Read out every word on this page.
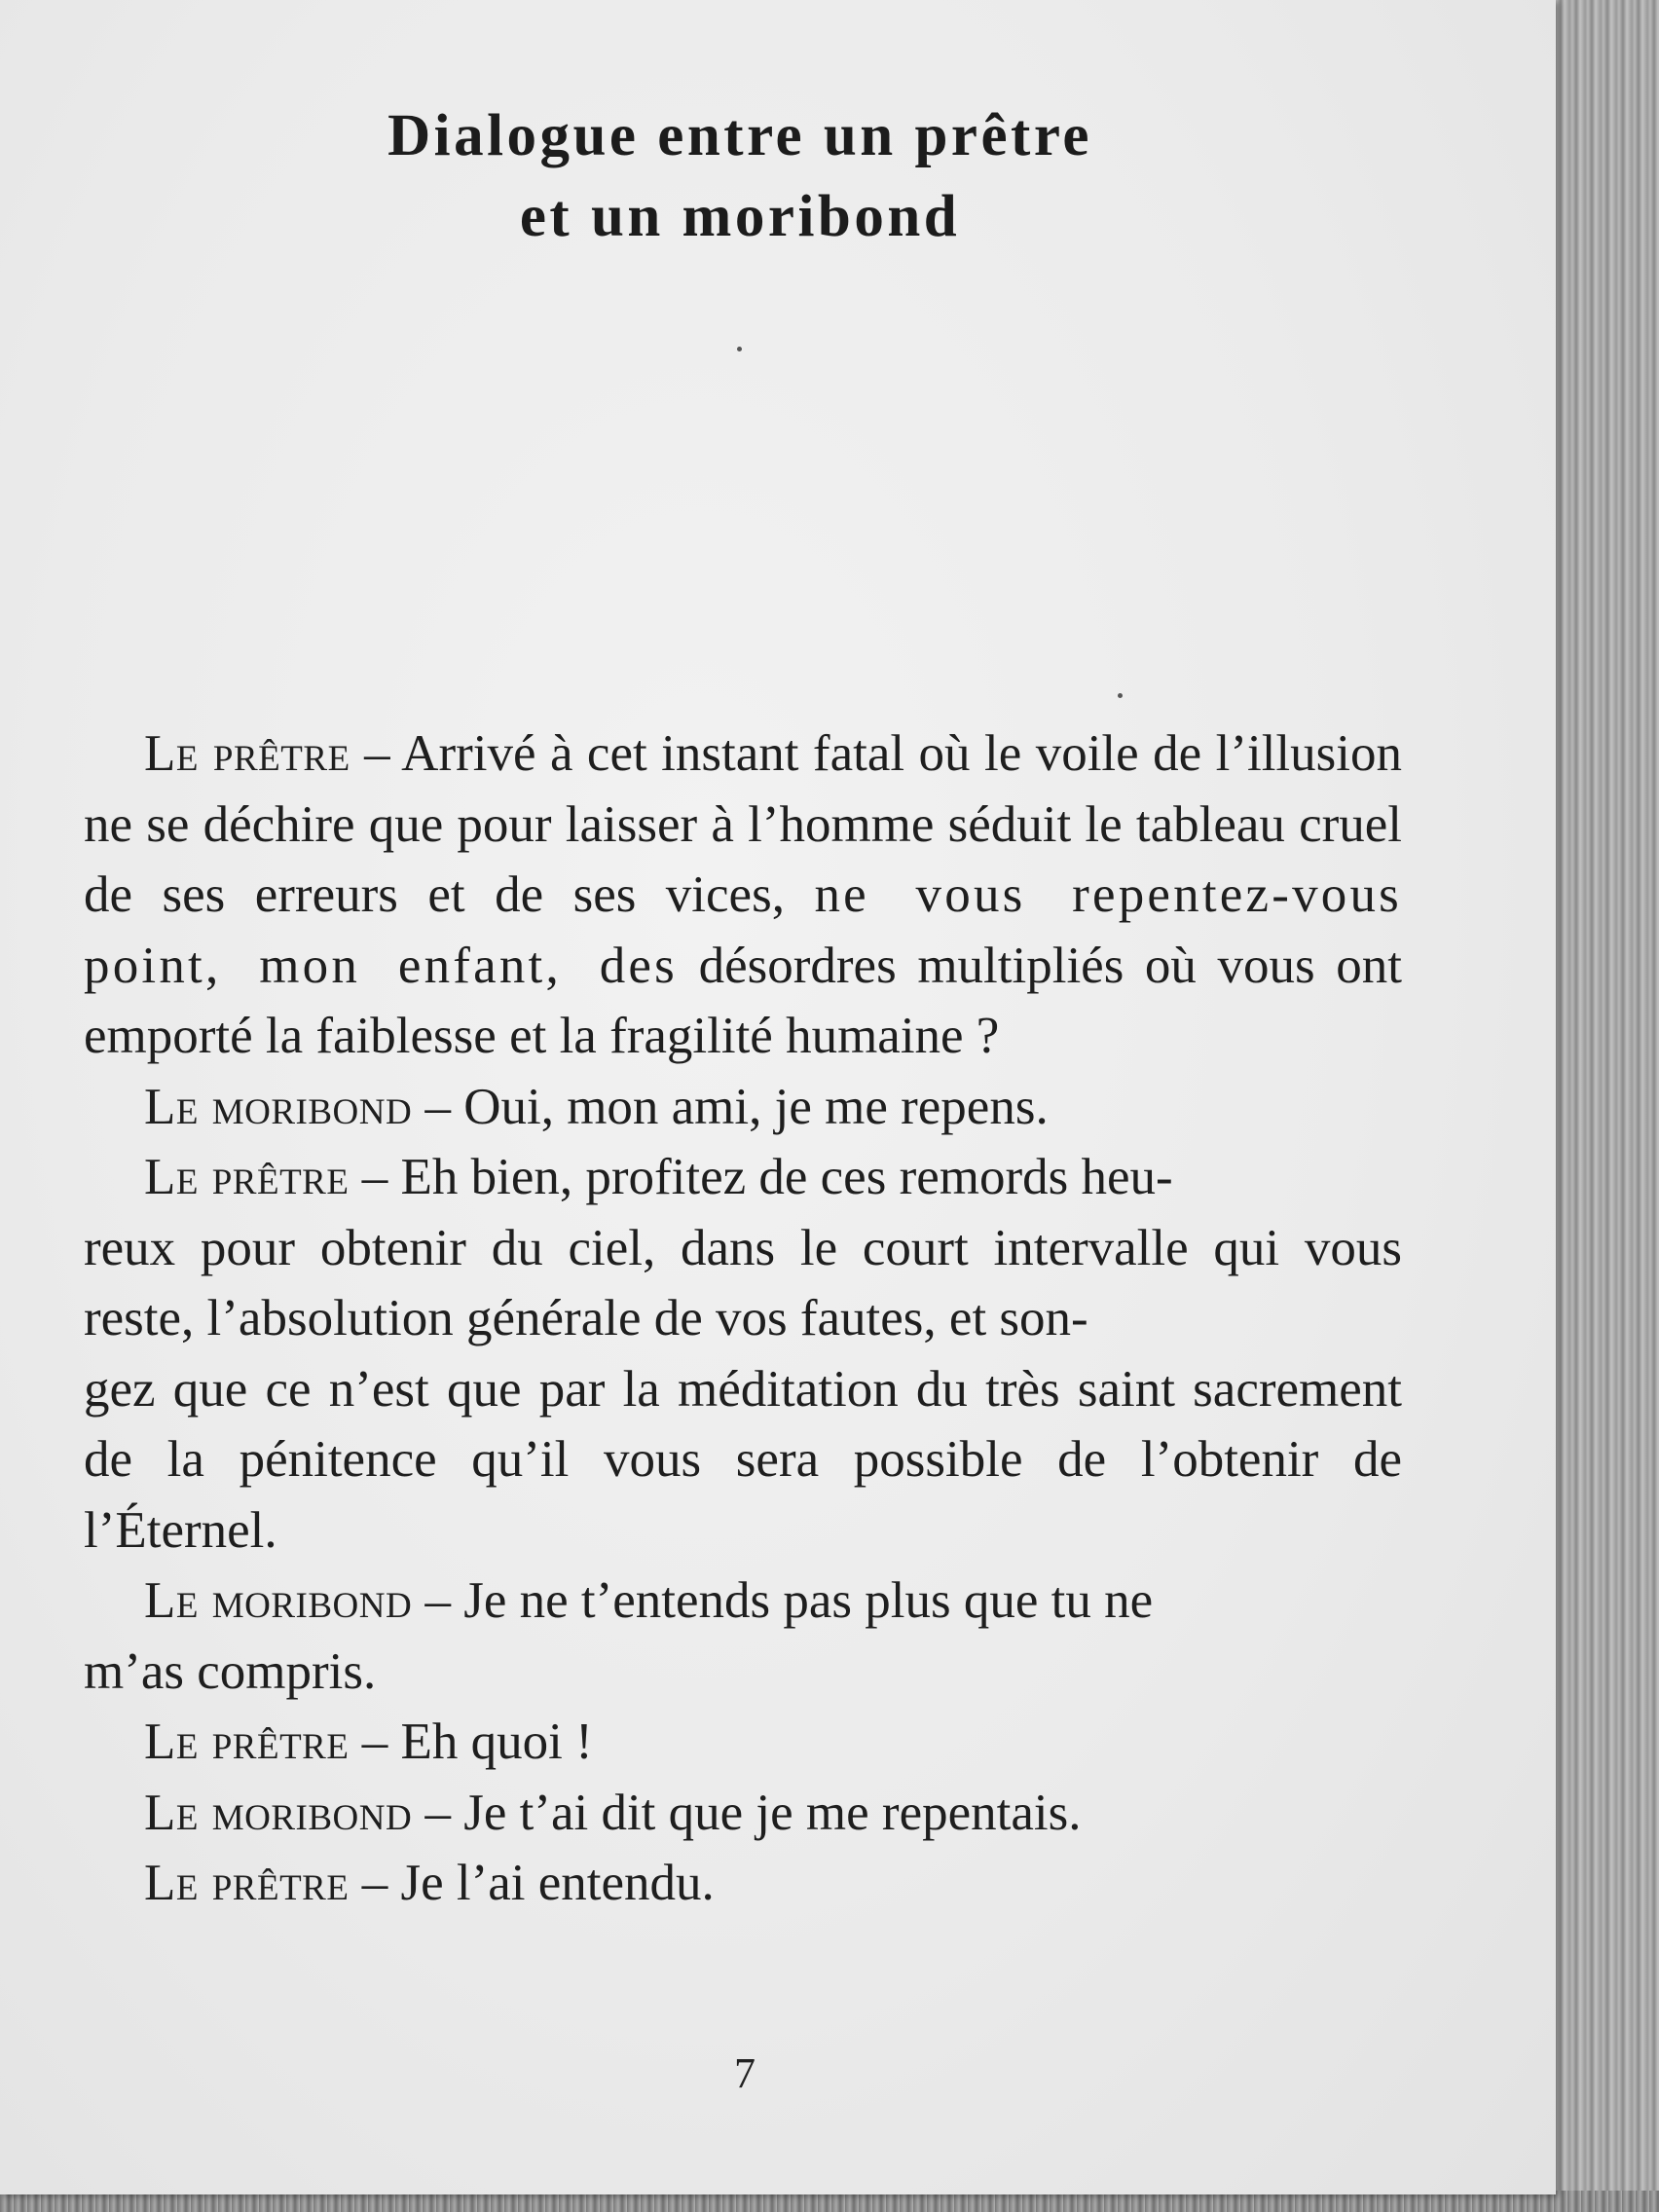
Dialogue entre un prêtre
et un moribond

Le prêtre – Arrivé à cet instant fatal où le voile de l’illusion ne se déchire que pour laisser à l’homme séduit le tableau cruel de ses erreurs et de ses vices, ne vous repentez-vous point, mon enfant, des désordres multipliés où vous ont emporté la faiblesse et la fragilité humaine ?

Le moribond – Oui, mon ami, je me repens.

Le prêtre – Eh bien, profitez de ces remords heu-
reux pour obtenir du ciel, dans le court intervalle qui vous reste, l’absolution générale de vos fautes, et son-
gez que ce n’est que par la méditation du très saint sacrement de la pénitence qu’il vous sera possible de l’obtenir de l’Éternel.

Le moribond – Je ne t’entends pas plus que tu ne
m’as compris.

Le prêtre – Eh quoi !

Le moribond – Je t’ai dit que je me repentais.

Le prêtre – Je l’ai entendu.

7
